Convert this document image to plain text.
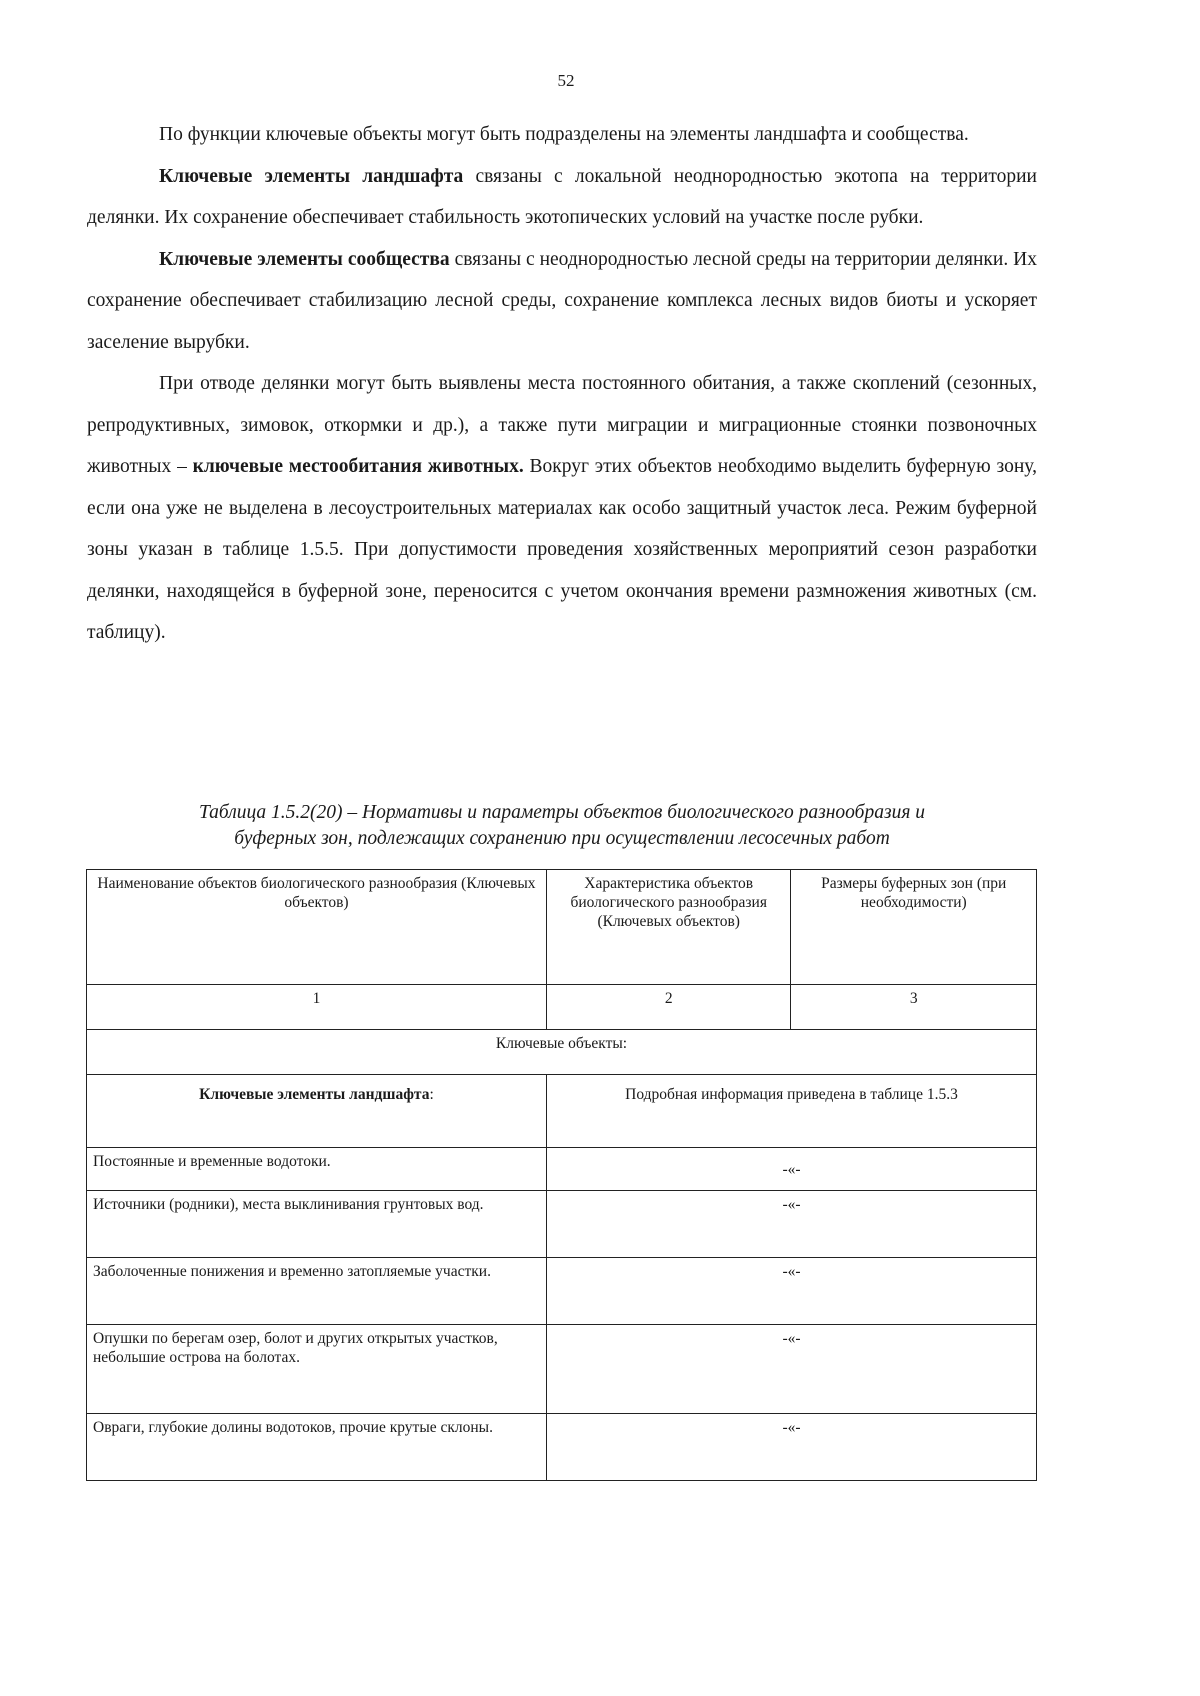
52

По функции ключевые объекты могут быть подразделены на элементы ландшафта и сообщества.

Ключевые элементы ландшафта связаны с локальной неоднородностью экотопа на территории делянки. Их сохранение обеспечивает стабильность экотопических условий на участке после рубки.

Ключевые элементы сообщества связаны с неоднородностью лесной среды на территории делянки. Их сохранение обеспечивает стабилизацию лесной среды, сохранение комплекса лесных видов биоты и ускоряет заселение вырубки.

При отводе делянки могут быть выявлены места постоянного обитания, а также скоплений (сезонных, репродуктивных, зимовок, откормки и др.), а также пути миграции и миграционные стоянки позвоночных животных – ключевые местообитания животных. Вокруг этих объектов необходимо выделить буферную зону, если она уже не выделена в лесоустроительных материалах как особо защитный участок леса. Режим буферной зоны указан в таблице 1.5.5. При допустимости проведения хозяйственных мероприятий сезон разработки делянки, находящейся в буферной зоне, переносится с учетом окончания времени размножения животных (см. таблицу).

Таблица 1.5.2(20) – Нормативы и параметры объектов биологического разнообразия и
буферных зон, подлежащих сохранению при осуществлении лесосечных работ
Наименование объектов биологического разнообразия (Ключевых объектов)	Характеристика объектов биологического разнообразия (Ключевых объектов)	Размеры буферных зон (при необходимости)
1	2	3
Ключевые объекты:		
Ключевые элементы ландшафта:	Подробная информация приведена в таблице 1.5.3	
Постоянные и временные водотоки.	-«-	
Источники (родники), места выклинивания грунтовых вод.	-«-	
Заболоченные понижения и временно затопляемые участки.	-«-	
Опушки по берегам озер, болот и других открытых участков, небольшие острова на болотах.	-«-	
Овраги, глубокие долины водотоков, прочие крутые склоны.	-«-	
